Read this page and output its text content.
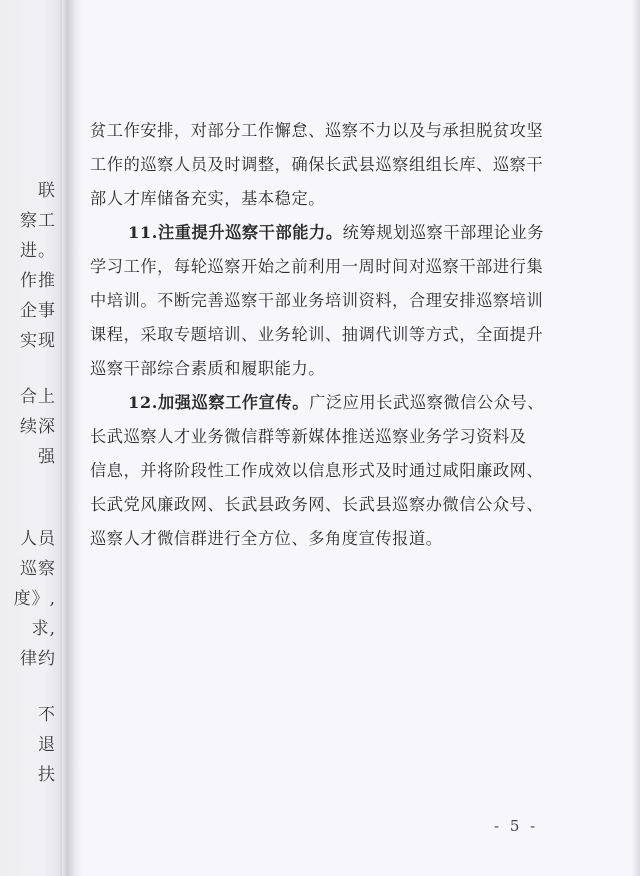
联
察工
进。
作推
企事
实现
合上
续深
强
人员
巡察
度》,
求,
律约
不
退
扶
贫工作安排，对部分工作懈怠、巡察不力以及与承担脱贫攻坚
工作的巡察人员及时调整，确保长武县巡察组组长库、巡察干
部人才库储备充实，基本稳定。
11.注重提升巡察干部能力。统筹规划巡察干部理论业务
学习工作，每轮巡察开始之前利用一周时间对巡察干部进行集
中培训。不断完善巡察干部业务培训资料，合理安排巡察培训
课程，采取专题培训、业务轮训、抽调代训等方式，全面提升
巡察干部综合素质和履职能力。
12.加强巡察工作宣传。广泛应用长武巡察微信公众号、
长武巡察人才业务微信群等新媒体推送巡察业务学习资料及
信息，并将阶段性工作成效以信息形式及时通过咸阳廉政网、
长武党风廉政网、长武县政务网、长武县巡察办微信公众号、
巡察人才微信群进行全方位、多角度宣传报道。
- 5 -
